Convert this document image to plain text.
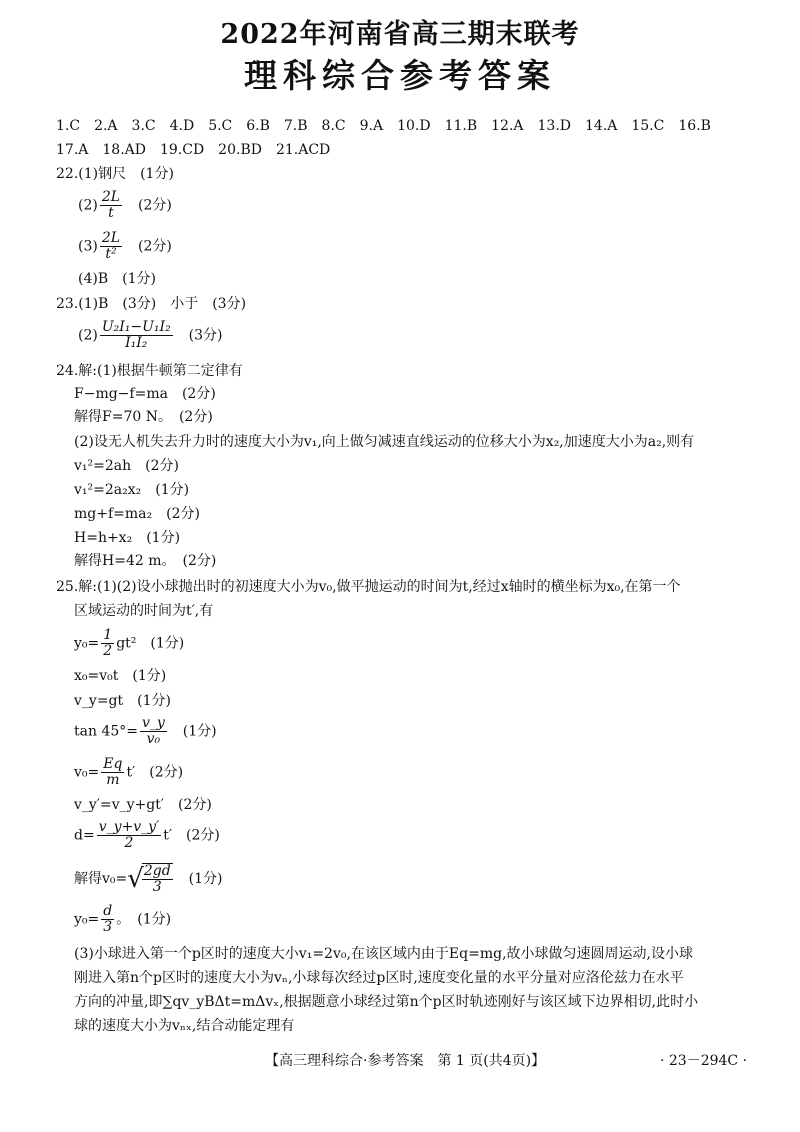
2022年河南省高三期末联考
理科综合参考答案
1.C　2.A　3.C　4.D　5.C　6.B　7.B　8.C　9.A　10.D　11.B　12.A　13.D　14.A　15.C　16.B
17.A　18.AD　19.CD　20.BD　21.ACD
22.(1)钢尺　(1分)
$(2) \frac{2L}{t}$ 　(2分)
$(3) \frac{2L}{\text{t²}}$ 　(2分)
(4)B　(1分)
23.(1)B　(3分)　小于　(3分)
$(2) \frac{\text{U₂I₁−U₁I₂}}{\text{I₁I₂}}$ 　(3分)
24.解:(1)根据牛顿第二定律有
F−mg−f=ma　(2分)
解得F=70 N。　(2分)
(2)设无人机失去升力时的速度大小为v₁,向上做匀减速直线运动的位移大小为x₂,加速度大小为a₂,则有
v₁²=2ah　(2分)
v₁²=2a₂x₂　(1分)
mg+f=ma₂　(2分)
H=h+x₂　(1分)
解得H=42 m。　(2分)
25.解:(1)(2)设小球抛出时的初速度大小为v₀,做平抛运动的时间为t,经过x轴时的横坐标为x₀,在第一个
区域运动的时间为t′,有
$y_0= \frac{1}{2} gt^2$　(1分)
x₀=v₀t　(1分)
v_y=gt　(1分)
$\tan 45^\circ= \frac{v\_y}{\text{v₀}}$ 　(1分)
$v_0= \frac{Eq}{m} t'$　(2分)
v_y′=v_y+gt′　(2分)
$d= \frac{v\_y+v\_y'}{2} t'$　(2分)
解得v₀=√
$\frac{2gd}{3}$ 　(1分)
$y_0= \frac{d}{3}$ 。　(1分)
(3)小球进入第一个p区时的速度大小v₁=2v₀,在该区域内由于Eq=mg,故小球做匀速圆周运动,设小球
刚进入第n个p区时的速度大小为vₙ,小球每次经过p区时,速度变化量的水平分量对应洛伦兹力在水平
方向的冲量,即∑qv_yBΔt=mΔvₓ,根据题意小球经过第n个p区时轨迹刚好与该区域下边界相切,此时小
球的速度大小为vₙₓ,结合动能定理有
【高三理科综合·参考答案　第 1 页(共4页)】	· 23－294C ·
